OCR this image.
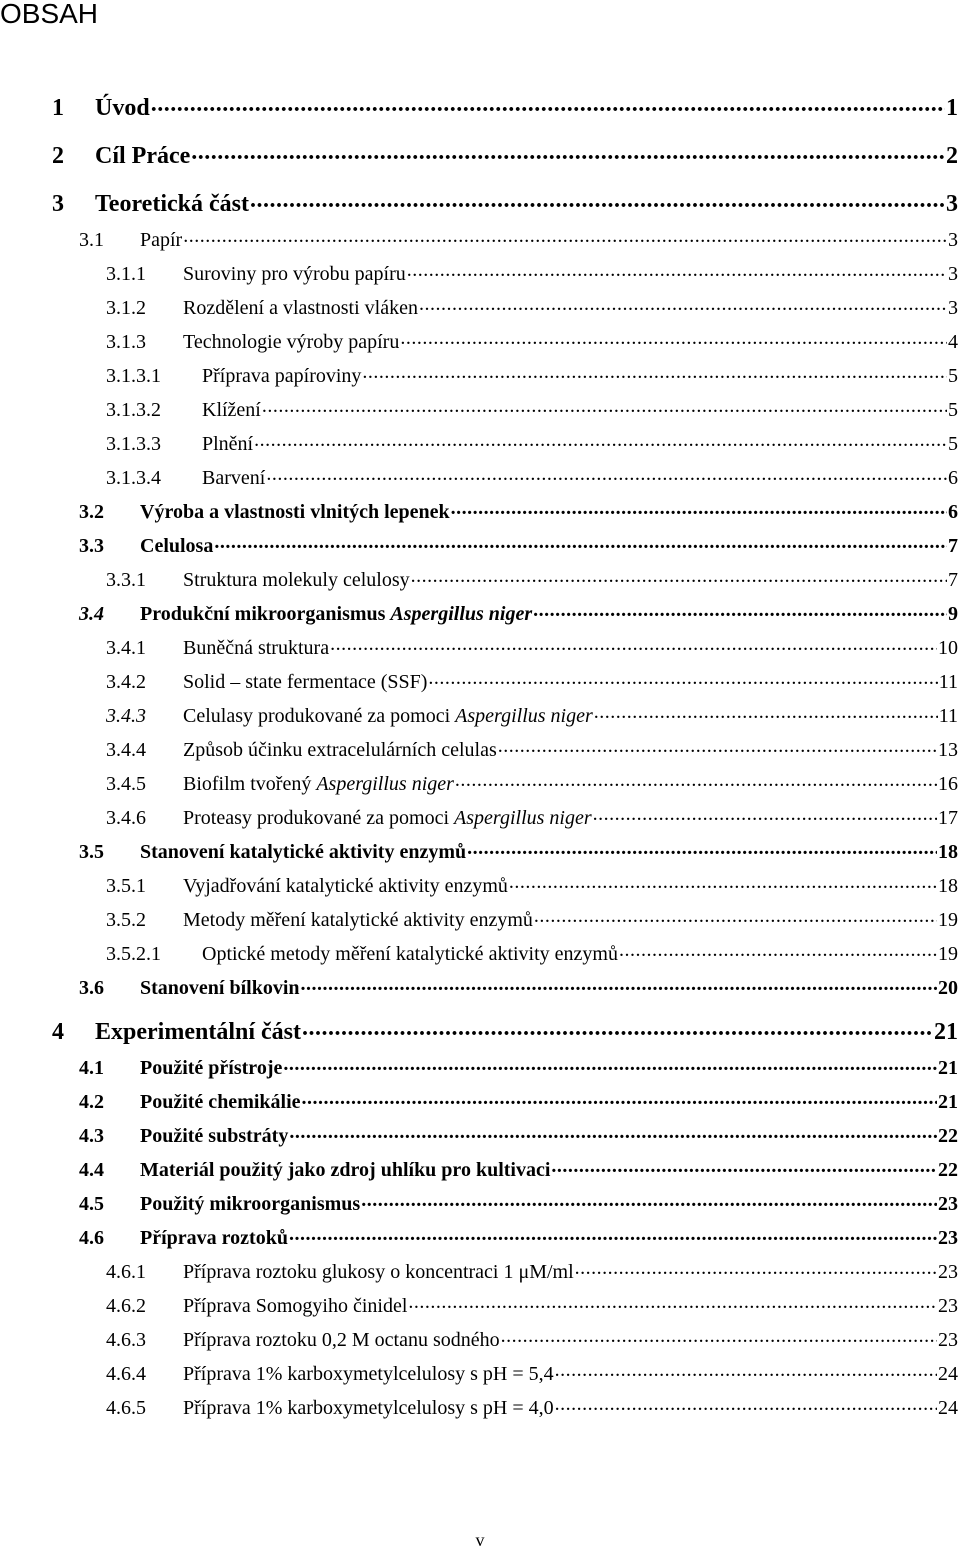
OBSAH
1	Úvod .....	1
2	Cíl Práce .....	2
3	Teoretická část .....	3
3.1	Papír .....	3
3.1.1	Suroviny pro výrobu papíru .....	3
3.1.2	Rozdělení a vlastnosti vláken .....	3
3.1.3	Technologie výroby papíru .....	4
3.1.3.1	Příprava papíroviny .....	5
3.1.3.2	Klížení .....	5
3.1.3.3	Plnění .....	5
3.1.3.4	Barvení .....	6
3.2	Výroba a vlastnosti vlnitých lepenek .....	6
3.3	Celulosa .....	7
3.3.1	Struktura molekuly celulosy .....	7
3.4	Produkční mikroorganismus Aspergillus niger .....	9
3.4.1	Buněčná struktura .....	10
3.4.2	Solid – state fermentace (SSF) .....	11
3.4.3	Celulasy produkované za pomoci Aspergillus niger .....	11
3.4.4	Způsob účinku extracelulárních celulas .....	13
3.4.5	Biofilm tvořený Aspergillus niger .....	16
3.4.6	Proteasy produkované za pomoci Aspergillus niger .....	17
3.5	Stanovení katalytické aktivity enzymů .....	18
3.5.1	Vyjadřování katalytické aktivity enzymů .....	18
3.5.2	Metody měření katalytické aktivity enzymů .....	19
3.5.2.1	Optické metody měření katalytické aktivity enzymů .....	19
3.6	Stanovení bílkovin .....	20
4	Experimentální část .....	21
4.1	Použité přístroje .....	21
4.2	Použité chemikálie .....	21
4.3	Použité substráty .....	22
4.4	Materiál použitý jako zdroj uhlíku pro kultivaci .....	22
4.5	Použitý mikroorganismus .....	23
4.6	Příprava roztoků .....	23
4.6.1	Příprava roztoku glukosy o koncentraci 1 μM/ml .....	23
4.6.2	Příprava Somogyiho činidel .....	23
4.6.3	Příprava roztoku 0,2 M octanu sodného .....	23
4.6.4	Příprava 1% karboxymetylcelulosy s pH = 5,4 .....	24
4.6.5	Příprava 1% karboxymetylcelulosy s pH = 4,0 .....	24
v
